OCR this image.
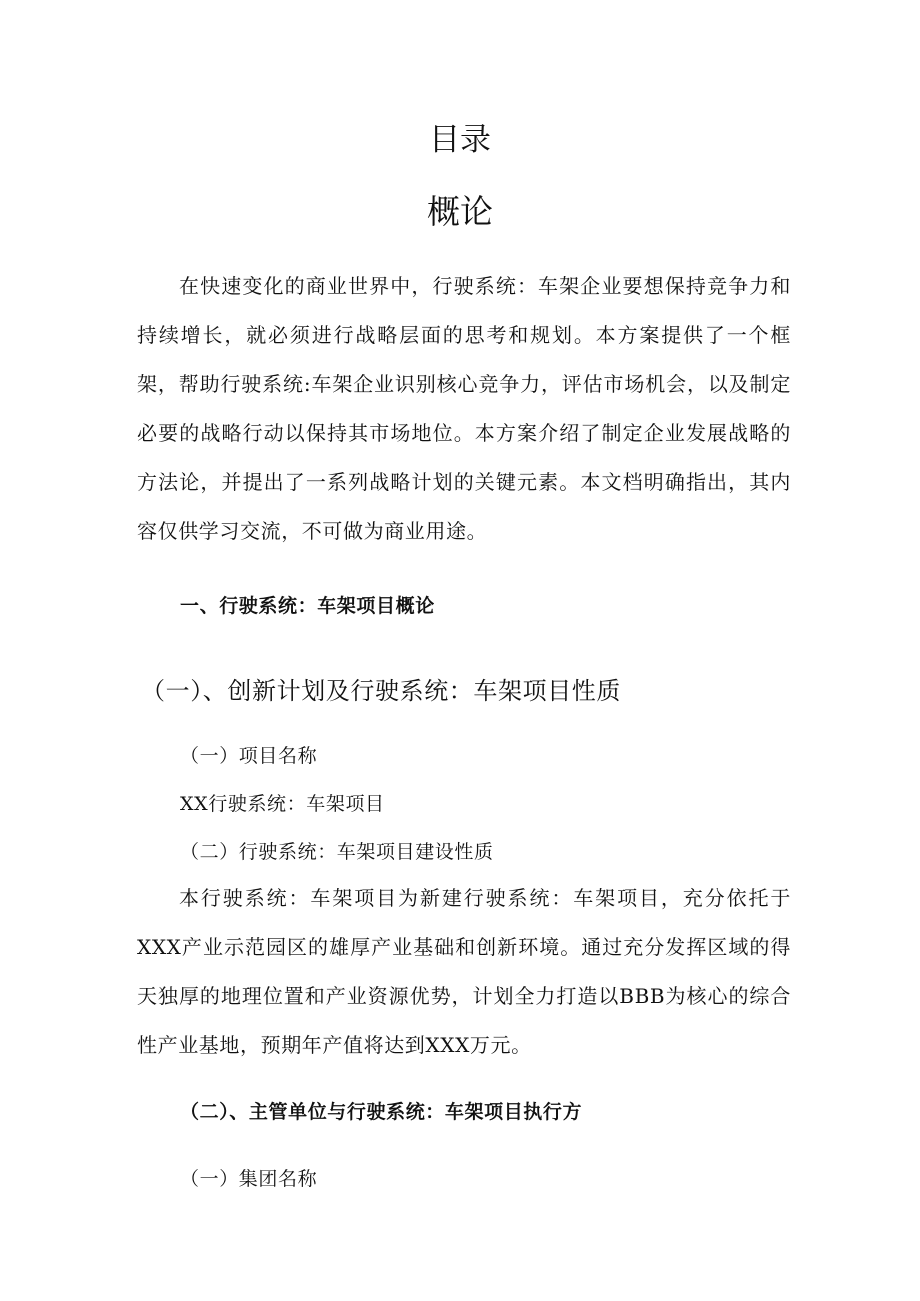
目录
概论

在快速变化的商业世界中，行驶系统：车架企业要想保持竞争力和持续增长，就必须进行战略层面的思考和规划。本方案提供了一个框架，帮助行驶系统:车架企业识别核心竞争力，评估市场机会，以及制定必要的战略行动以保持其市场地位。本方案介绍了制定企业发展战略的方法论，并提出了一系列战略计划的关键元素。本文档明确指出，其内容仅供学习交流，不可做为商业用途。

一、行驶系统：车架项目概论
（一）、创新计划及行驶系统：车架项目性质

（一）项目名称

XX行驶系统：车架项目

（二）行驶系统：车架项目建设性质

本行驶系统：车架项目为新建行驶系统：车架项目，充分依托于XXX产业示范园区的雄厚产业基础和创新环境。通过充分发挥区域的得天独厚的地理位置和产业资源优势，计划全力打造以BBB为核心的综合性产业基地，预期年产值将达到XXX万元。

（二）、主管单位与行驶系统：车架项目执行方

（一）集团名称
